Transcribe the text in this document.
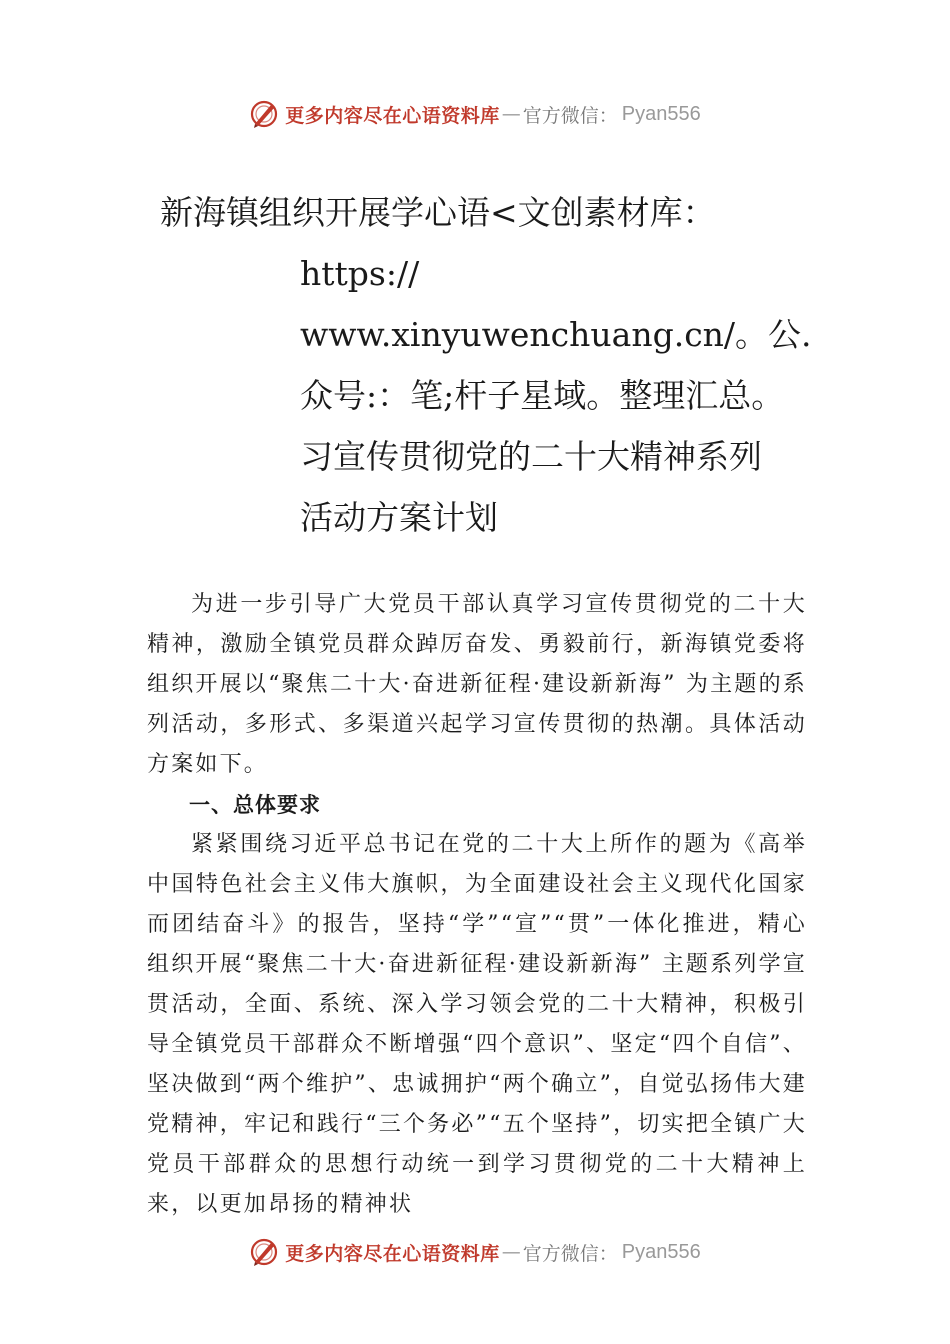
更多内容尽在心语资料库 — 官方微信： Pyan556
新海镇组织开展学心语<文创素材库：
https://
www.xinyuwenchuang.cn/。公.
众号:：笔;杆子星域。整理汇总。
习宣传贯彻党的二十大精神系列
活动方案计划

为进一步引导广大党员干部认真学习宣传贯彻党的二十大精神，激励全镇党员群众踔厉奋发、勇毅前行，新海镇党委将组织开展以“聚焦二十大·奋进新征程·建设新新海” 为主题的系列活动，多形式、多渠道兴起学习宣传贯彻的热潮。具体活动方案如下。

一、总体要求

紧紧围绕习近平总书记在党的二十大上所作的题为《高举中国特色社会主义伟大旗帜，为全面建设社会主义现代化国家而团结奋斗》的报告，坚持“学”“宣”“贯”一体化推进，精心组织开展“聚焦二十大·奋进新征程·建设新新海” 主题系列学宣贯活动，全面、系统、深入学习领会党的二十大精神，积极引导全镇党员干部群众不断增强“四个意识”、坚定“四个自信”、坚决做到“两个维护”、忠诚拥护“两个确立”，自觉弘扬伟大建党精神，牢记和践行“三个务必”“五个坚持”，切实把全镇广大党员干部群众的思想行动统一到学习贯彻党的二十大精神上来，以更加昂扬的精神状

更多内容尽在心语资料库 — 官方微信： Pyan556
